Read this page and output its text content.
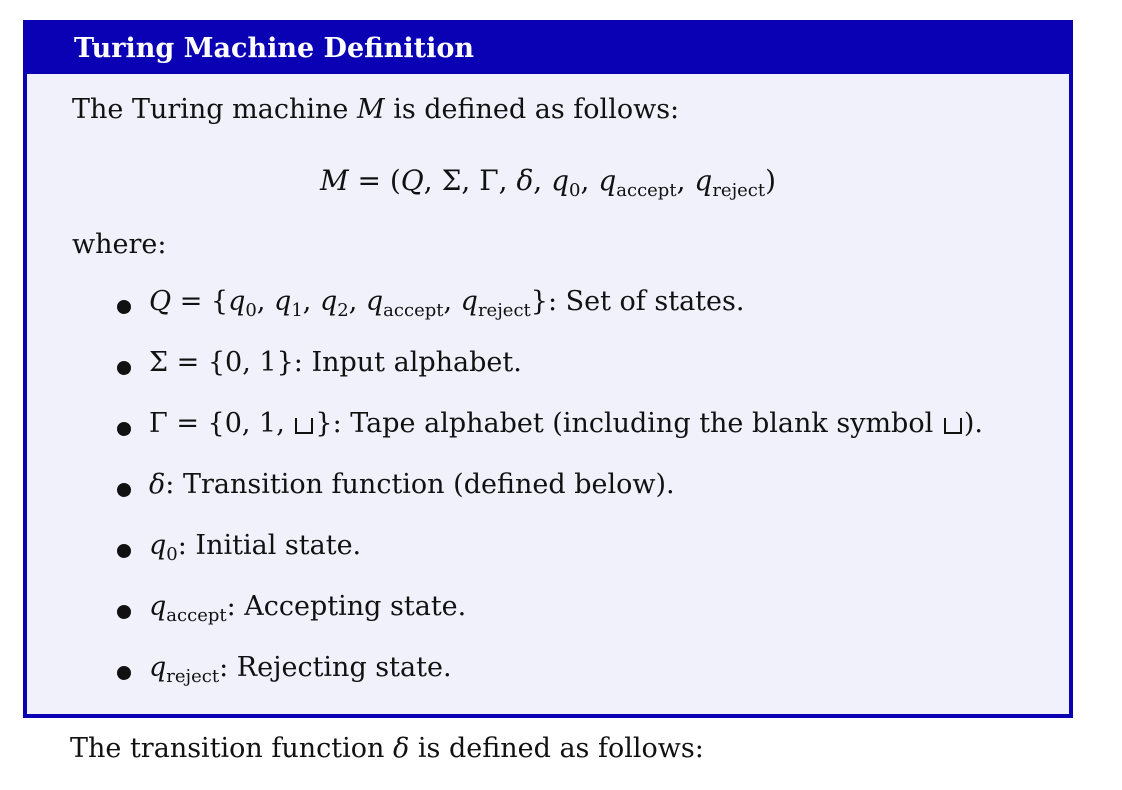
Turing Machine Definition
The Turing machine M is defined as follows:
M = (Q, Σ, Γ, δ, $q_0$, $q_{accept}$, $q_{reject}$)
where:
$Q = \{q_0$, $q_1$, $q_2$, $q_{accept}$, $q_{reject}$}: Set of states.
Σ = {0, 1}: Input alphabet.
Γ = {0, 1, }: Tape alphabet (including the blank symbol ).
δ: Transition function (defined below).
$q_0$: Initial state.
$q_{accept}$: Accepting state.
$q_{reject}$: Rejecting state.
The transition function δ is defined as follows:
